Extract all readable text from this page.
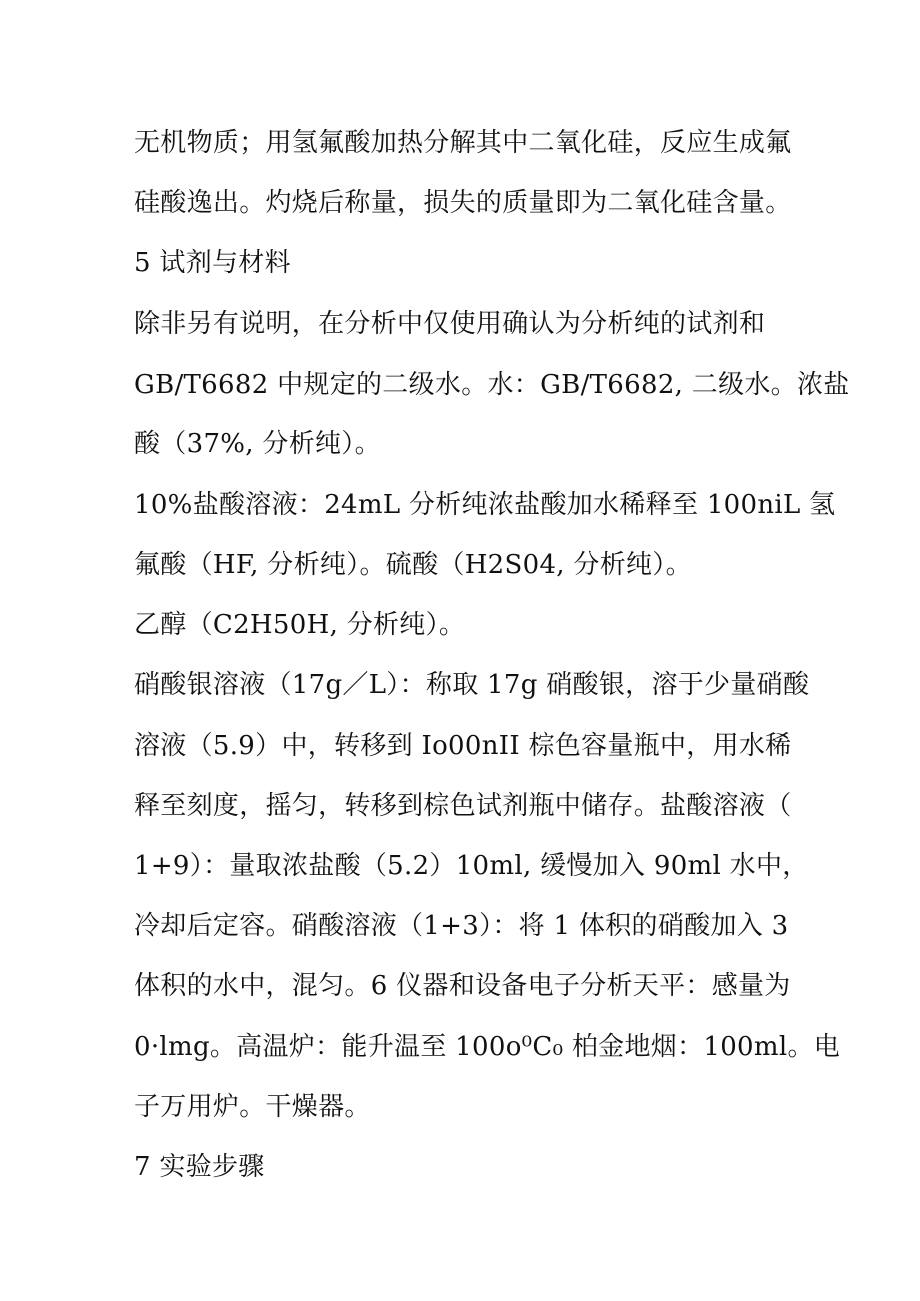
无机物质；用氢氟酸加热分解其中二氧化硅，反应生成氟
硅酸逸出。灼烧后称量，损失的质量即为二氧化硅含量。
5 试剂与材料
除非另有说明，在分析中仅使用确认为分析纯的试剂和
GB/T6682 中规定的二级水。水：GB/T6682, 二级水。浓盐
酸（37%, 分析纯）。
10%盐酸溶液：24mL 分析纯浓盐酸加水稀释至 100niL 氢
氟酸（HF, 分析纯）。硫酸（H2S04, 分析纯）。
乙醇（C2H50H, 分析纯）。
硝酸银溶液（17g／L）：称取 17g 硝酸银，溶于少量硝酸
溶液（5.9）中，转移到 Io00nII 棕色容量瓶中，用水稀
释至刻度，摇匀，转移到棕色试剂瓶中储存。盐酸溶液（
1+9）：量取浓盐酸（5.2）10ml, 缓慢加入 90ml 水中，
冷却后定容。硝酸溶液（1+3）：将 1 体积的硝酸加入 3
体积的水中，混匀。6 仪器和设备电子分析天平：感量为
0·lmg。高温炉：能升温至 100o⁰C₀ 柏金地烟：100ml。电
子万用炉。干燥器。
7 实验步骤
